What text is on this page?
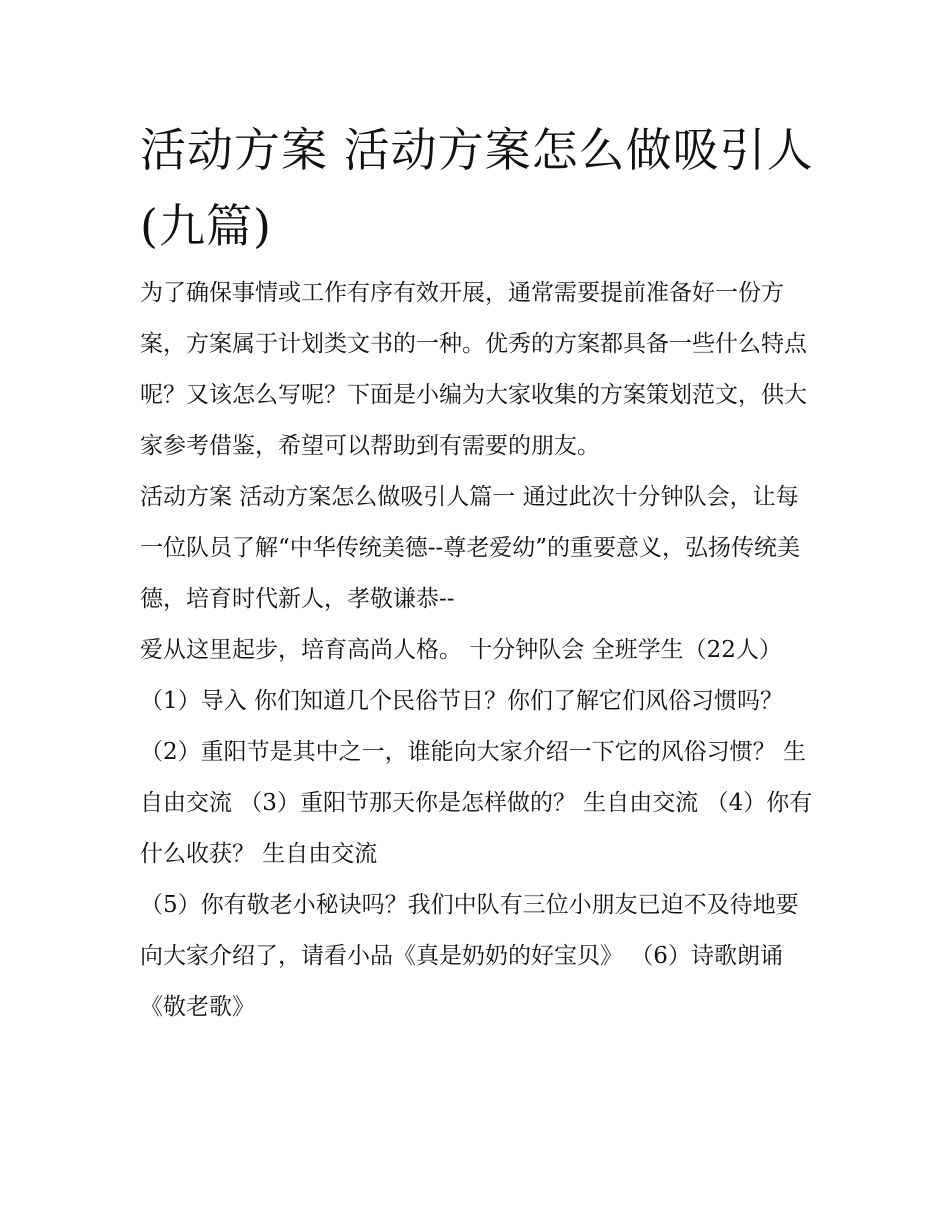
活动方案 活动方案怎么做吸引人(九篇)

为了确保事情或工作有序有效开展，通常需要提前准备好一份方案，方案属于计划类文书的一种。优秀的方案都具备一些什么特点呢？又该怎么写呢？下面是小编为大家收集的方案策划范文，供大家参考借鉴，希望可以帮助到有需要的朋友。

活动方案 活动方案怎么做吸引人篇一 通过此次十分钟队会，让每一位队员了解“中华传统美德--尊老爱幼”的重要意义，弘扬传统美德，培育时代新人，孝敬谦恭--

爱从这里起步，培育高尚人格。 十分钟队会 全班学生（22人） （1）导入 你们知道几个民俗节日？你们了解它们风俗习惯吗？

（2）重阳节是其中之一，谁能向大家介绍一下它的风俗习惯？ 生自由交流 （3）重阳节那天你是怎样做的？ 生自由交流 （4）你有什么收获？ 生自由交流

（5）你有敬老小秘诀吗？我们中队有三位小朋友已迫不及待地要向大家介绍了，请看小品《真是奶奶的好宝贝》 （6）诗歌朗诵《敬老歌》
